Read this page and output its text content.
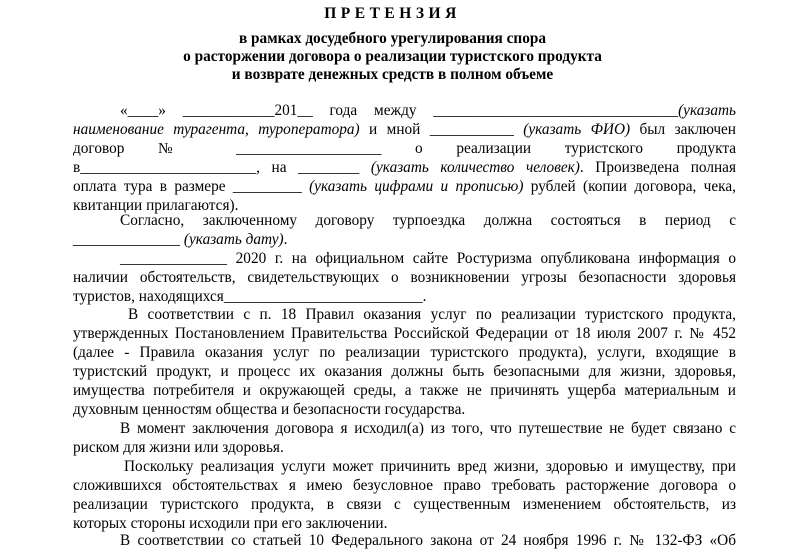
ПРЕТЕНЗИЯ
в рамках досудебного урегулирования спора
о расторжении договора о реализации туристского продукта
и возврате денежных средств в полном объеме
«____» ____________201__ года между ________________________________(указать
наименование турагента, туроператора) и мной ___________ (указать ФИО) был заключен
договор № ___________________ о реализации туристского продукта
в_______________________, на ________ (указать количество человек). Произведена полная
оплата тура в размере _________ (указать цифрами и прописью) рублей (копии договора, чека,
квитанции прилагаются).
Согласно, заключенному договору турпоездка должна состояться в период с
______________ (указать дату).
______________ 2020 г. на официальном сайте Ростуризма опубликована информация о
наличии обстоятельств, свидетельствующих о возникновении угрозы безопасности здоровья
туристов, находящихся__________________________.
В соответствии с п. 18 Правил оказания услуг по реализации туристского продукта,
утвержденных Постановлением Правительства Российской Федерации от 18 июля 2007 г. № 452
(далее - Правила оказания услуг по реализации туристского продукта), услуги, входящие в
туристский продукт, и процесс их оказания должны быть безопасными для жизни, здоровья,
имущества потребителя и окружающей среды, а также не причинять ущерба материальным и
духовным ценностям общества и безопасности государства.
В момент заключения договора я исходил(а) из того, что путешествие не будет связано с
риском для жизни или здоровья.
Поскольку реализация услуги может причинить вред жизни, здоровью и имуществу, при
сложившихся обстоятельствах я имею безусловное право требовать расторжение договора о
реализации туристского продукта, в связи с существенным изменением обстоятельств, из
которых стороны исходили при его заключении.
В соответствии со статьей 10 Федерального закона от 24 ноября 1996 г. № 132-ФЗ «Об
